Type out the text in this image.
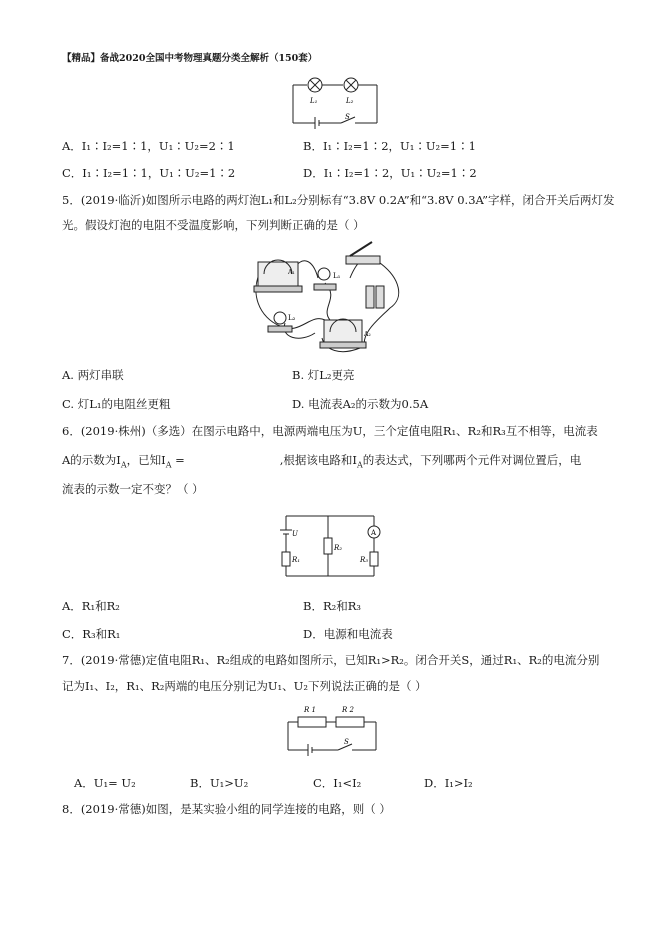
【精品】备战2020全国中考物理真题分类全解析（150套）
L₁	L₂
S
A．I₁∶I₂=1∶1，U₁∶U₂=2∶1	B．I₁∶I₂=1∶2，U₁∶U₂=1∶1
C．I₁∶I₂=1∶1，U₁∶U₂=1∶2	D．I₁∶I₂=1∶2，U₁∶U₂=1∶2
5．(2019·临沂)如图所示电路的两灯泡L₁和L₂分别标有“3.8V 0.2A”和“3.8V 0.3A”字样，闭合开关后两灯发
光。假设灯泡的电阻不受温度影响，下列判断正确的是（ ）
A₁	L₁
L₂
A₂
A. 两灯串联	B. 灯L₂更亮
C. 灯L₁的电阻丝更粗	D. 电流表A₂的示数为0.5A
6．(2019·株州)（多选）在图示电路中，电源两端电压为U，三个定值电阻R₁、R₂和R₃互不相等，电流表
A的示数为$I_A$，已知$I_A$ =	,根据该电路和$I_A$的表达式，下列哪两个元件对调位置后，电
流表的示数一定不变？（ ）
U
R₁
R₂
R₃
A
A．R₁和R₂	B．R₂和R₃
C．R₃和R₁	D．电源和电流表
7．(2019·常德)定值电阻R₁、R₂组成的电路如图所示，已知R₁>R₂。闭合开关S，通过R₁、R₂的电流分别
记为I₁、I₂，R₁、R₂两端的电压分别记为U₁、U₂下列说法正确的是（ ）
R 1	R 2
S
A．U₁= U₂	B．U₁>U₂	C．I₁<I₂	D．I₁>I₂
8．(2019·常德)如图，是某实验小组的同学连接的电路，则（ ）
